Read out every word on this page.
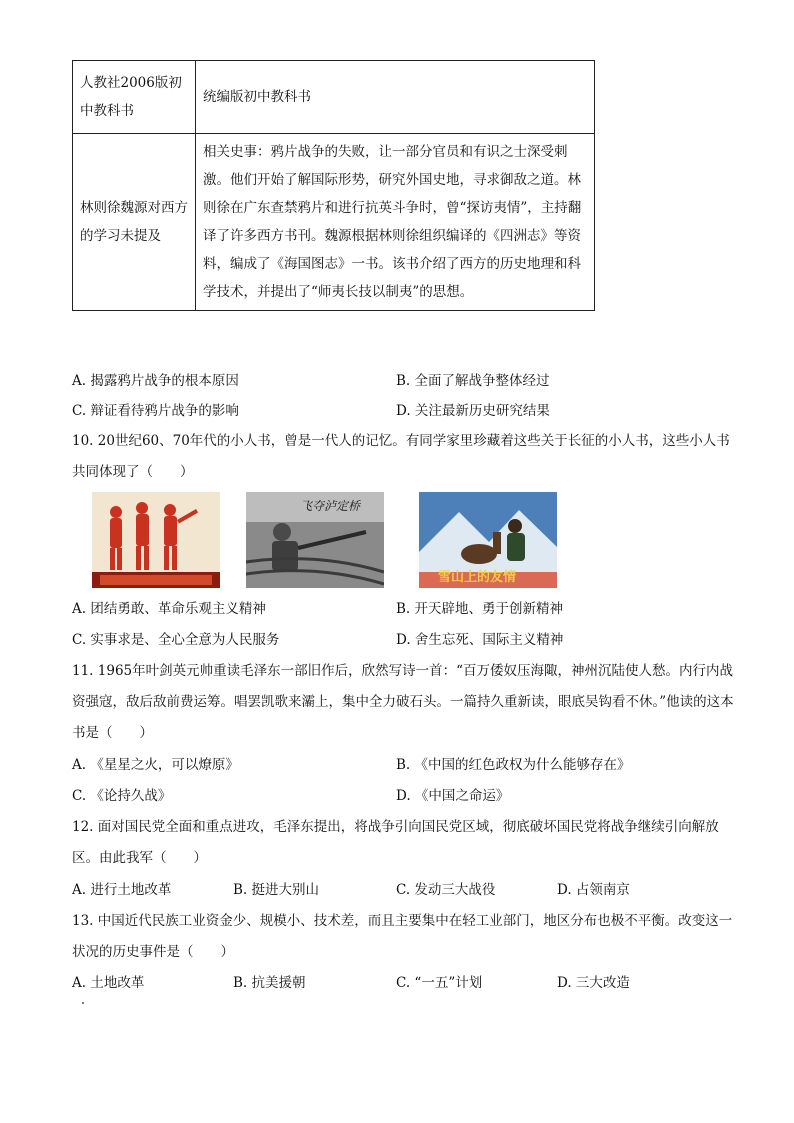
人教社2006版初中教科书	统编版初中教科书

林则徐魏源对西方的学习未提及	相关史事：鸦片战争的失败，让一部分官员和有识之士深受刺激。他们开始了解国际形势，研究外国史地，寻求御敌之道。林则徐在广东查禁鸦片和进行抗英斗争时，曾“探访夷情”，主持翻译了许多西方书刊。魏源根据林则徐组织编译的《四洲志》等资料，编成了《海国图志》一书。该书介绍了西方的历史地理和科学技术，并提出了“师夷长技以制夷”的思想。
A. 揭露鸦片战争的根本原因	B. 全面了解战争整体经过
C. 辩证看待鸦片战争的影响	D. 关注最新历史研究结果
10. 20世纪60、70年代的小人书，曾是一代人的记忆。有同学家里珍藏着这些关于长征的小人书，这些小人书共同体现了（　　）
飞夺泸定桥
雪山上的友情
A. 团结勇敢、革命乐观主义精神	B. 开天辟地、勇于创新精神
C. 实事求是、全心全意为人民服务	D. 舍生忘死、国际主义精神
11. 1965年叶剑英元帅重读毛泽东一部旧作后，欣然写诗一首：“百万倭奴压海陬，神州沉陆使人愁。内行内战资强寇，敌后敌前费运筹。唱罢凯歌来灞上，集中全力破石头。一篇持久重新读，眼底吴钩看不休。”他读的这本书是（　　）
A. 《星星之火，可以燎原》	B. 《中国的红色政权为什么能够存在》
C. 《论持久战》	D. 《中国之命运》
12. 面对国民党全面和重点进攻，毛泽东提出，将战争引向国民党区域，彻底破坏国民党将战争继续引向解放区。由此我军（　　）
A. 进行土地改革	B. 挺进大别山	C. 发动三大战役	D. 占领南京
13. 中国近代民族工业资金少、规模小、技术差，而且主要集中在轻工业部门，地区分布也极不平衡。改变这一状况的历史事件是（　　）
A. 土地改革	B. 抗美援朝	C. “一五”计划	D. 三大改造
